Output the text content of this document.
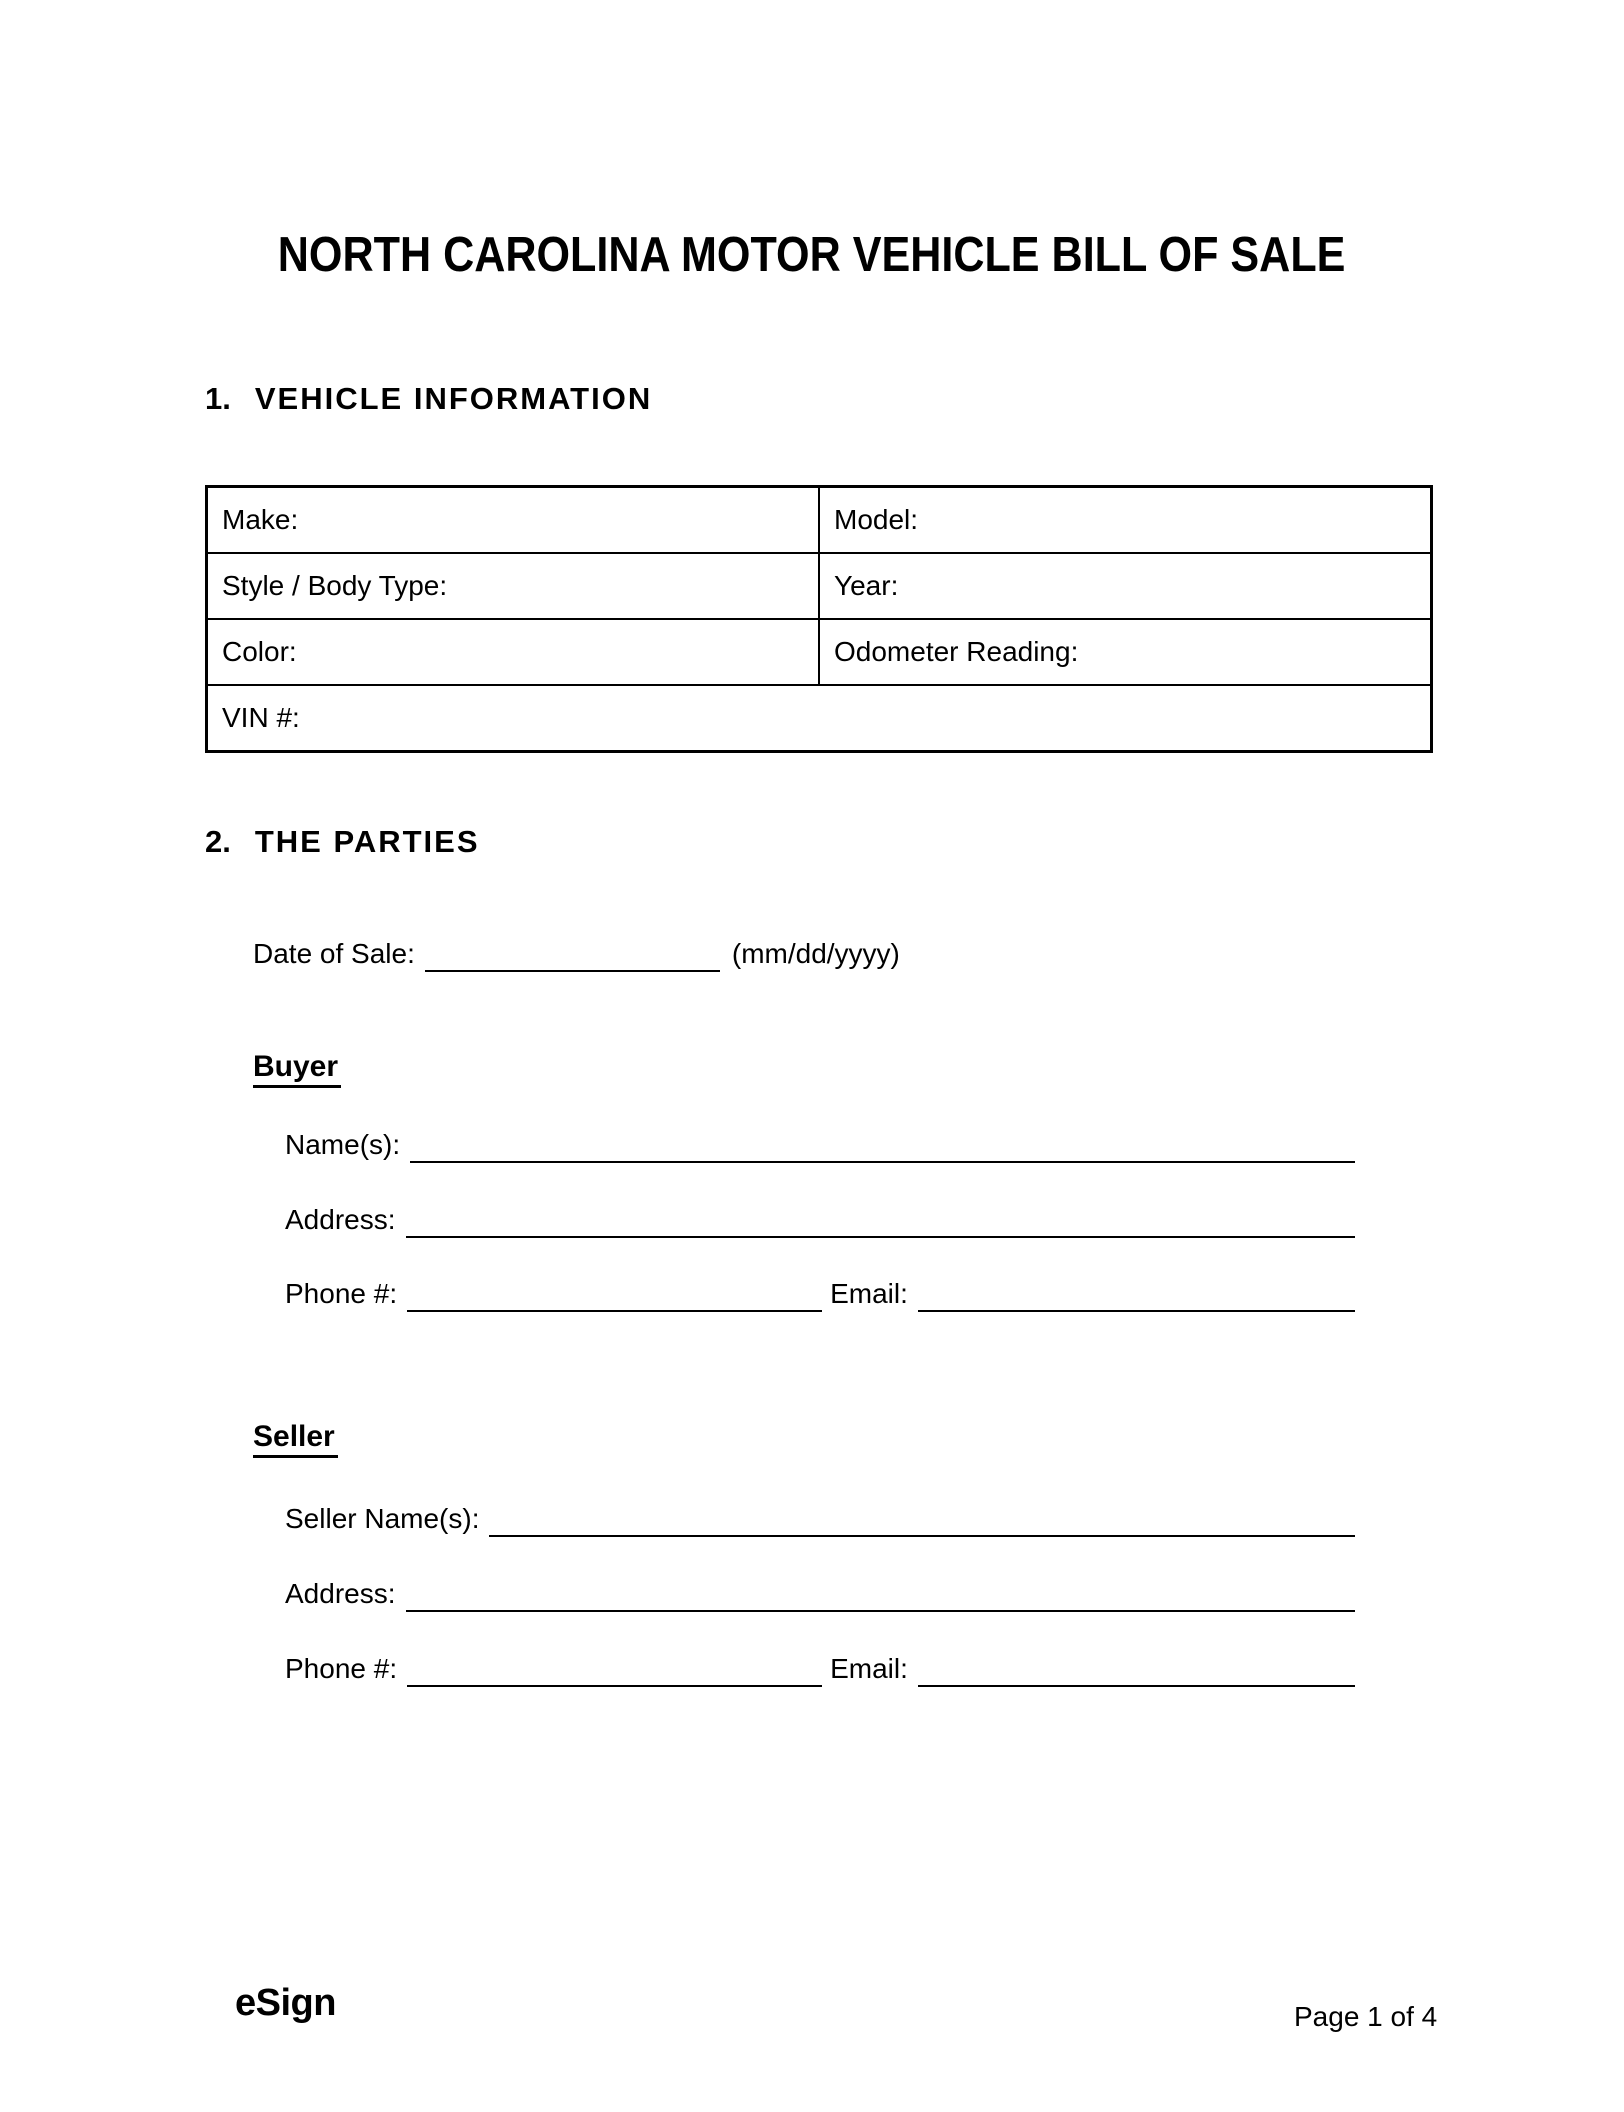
NORTH CAROLINA MOTOR VEHICLE BILL OF SALE
1. VEHICLE INFORMATION
Make:	Model:
Style / Body Type:	Year:
Color:	Odometer Reading:
VIN #:	
2. THE PARTIES
Date of Sale:	(mm/dd/yyyy)
Buyer
Name(s):
Address:
Phone #:	Email:
Seller
Seller Name(s):
Address:
Phone #:	Email:
eSign	Page 1 of 4
